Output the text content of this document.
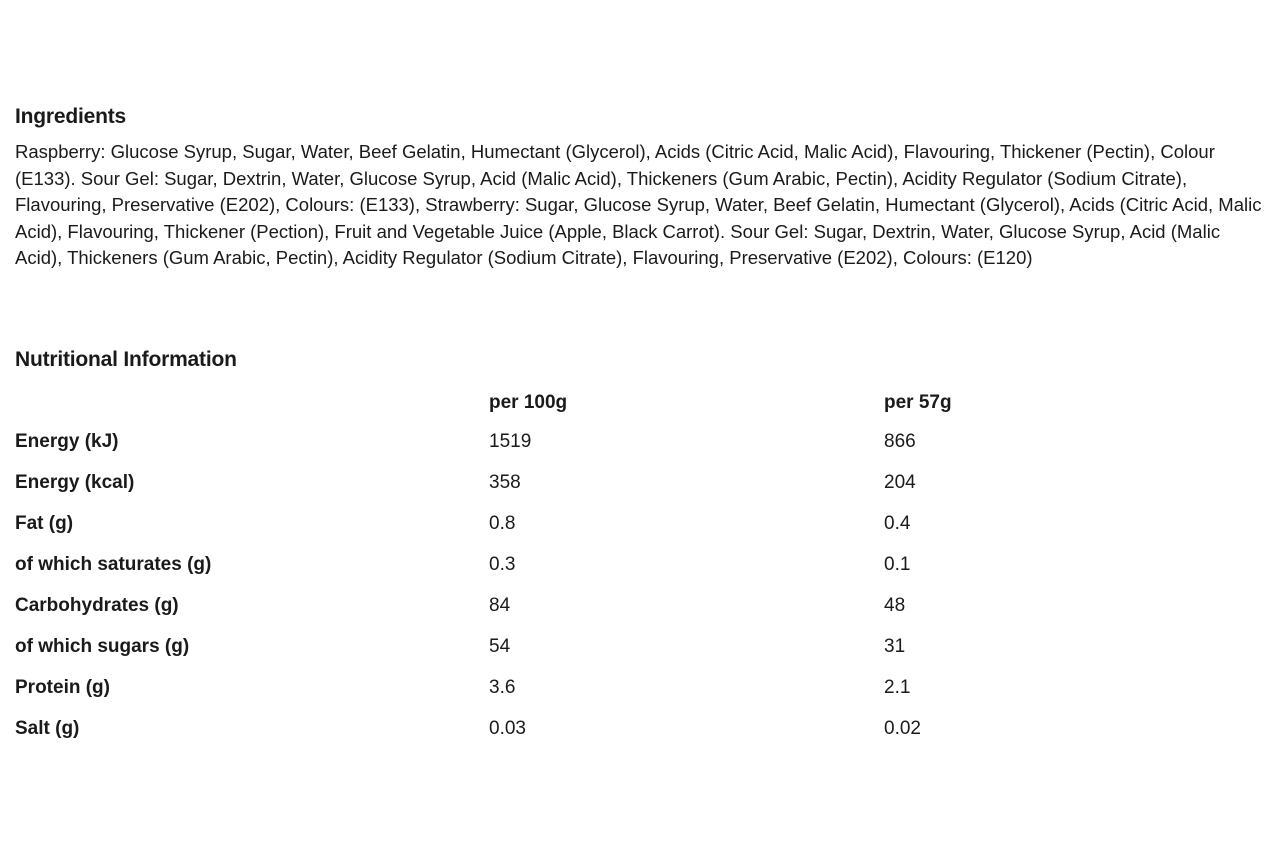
Ingredients

Raspberry: Glucose Syrup, Sugar, Water, Beef Gelatin, Humectant (Glycerol), Acids (Citric Acid, Malic Acid), Flavouring, Thickener (Pectin), Colour (E133). Sour Gel: Sugar, Dextrin, Water, Glucose Syrup, Acid (Malic Acid), Thickeners (Gum Arabic, Pectin), Acidity Regulator (Sodium Citrate), Flavouring, Preservative (E202), Colours: (E133), Strawberry: Sugar, Glucose Syrup, Water, Beef Gelatin, Humectant (Glycerol), Acids (Citric Acid, Malic Acid), Flavouring, Thickener (Pection), Fruit and Vegetable Juice (Apple, Black Carrot). Sour Gel: Sugar, Dextrin, Water, Glucose Syrup, Acid (Malic Acid), Thickeners (Gum Arabic, Pectin), Acidity Regulator (Sodium Citrate), Flavouring, Preservative (E202), Colours: (E120)

Nutritional Information
	per 100g	per 57g
Energy (kJ)	1519	866
Energy (kcal)	358	204
Fat (g)	0.8	0.4
of which saturates (g)	0.3	0.1
Carbohydrates (g)	84	48
of which sugars (g)	54	31
Protein (g)	3.6	2.1
Salt (g)	0.03	0.02
